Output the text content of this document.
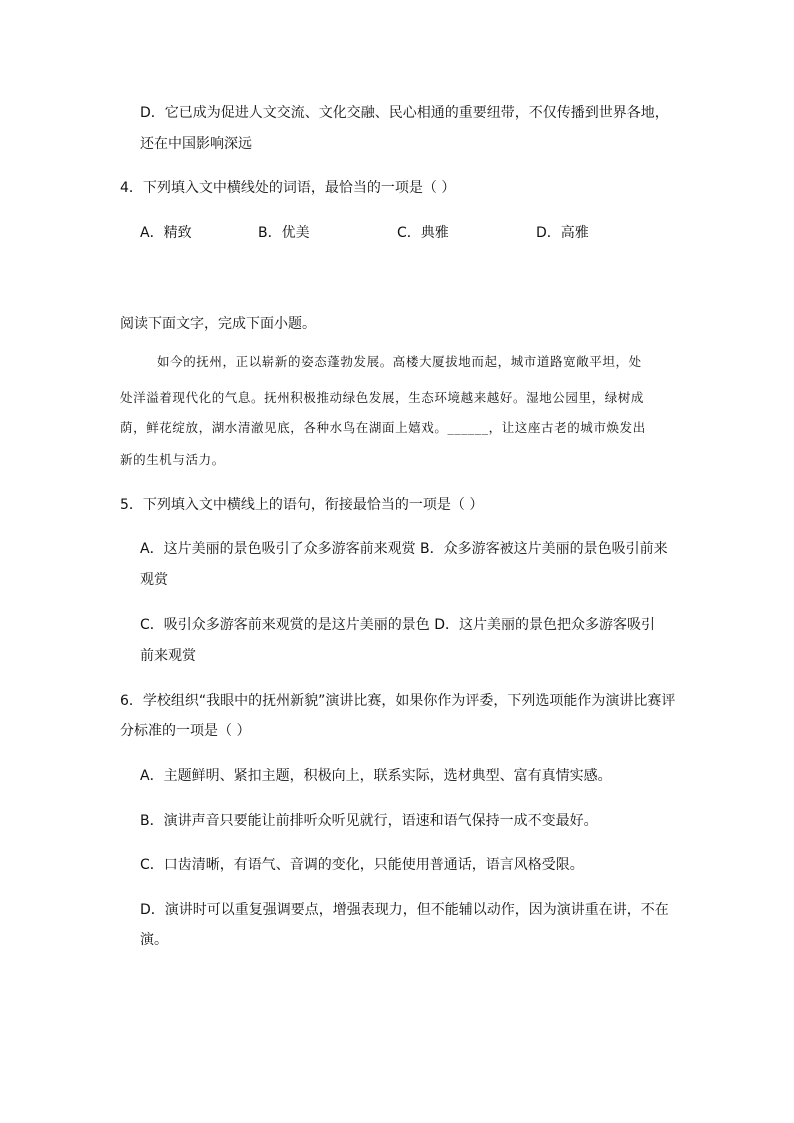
D．它已成为促进人文交流、文化交融、民心相通的重要纽带，不仅传播到世界各地，
还在中国影响深远
4．下列填入文中横线处的词语，最恰当的一项是（ ）
A．精致	B．优美	C．典雅	D．高雅
阅读下面文字，完成下面小题。
如今的抚州，正以崭新的姿态蓬勃发展。高楼大厦拔地而起，城市道路宽敞平坦，处
处洋溢着现代化的气息。抚州积极推动绿色发展，生态环境越来越好。湿地公园里，绿树成
荫，鲜花绽放，湖水清澈见底，各种水鸟在湖面上嬉戏。______，让这座古老的城市焕发出
新的生机与活力。
5．下列填入文中横线上的语句，衔接最恰当的一项是（ ）
A．这片美丽的景色吸引了众多游客前来观赏 B．众多游客被这片美丽的景色吸引前来
观赏
C．吸引众多游客前来观赏的是这片美丽的景色 D．这片美丽的景色把众多游客吸引
前来观赏
6．学校组织“我眼中的抚州新貌”演讲比赛，如果你作为评委，下列选项能作为演讲比赛评
分标准的一项是（ ）
A．主题鲜明、紧扣主题，积极向上，联系实际，选材典型、富有真情实感。
B．演讲声音只要能让前排听众听见就行，语速和语气保持一成不变最好。
C．口齿清晰，有语气、音调的变化，只能使用普通话，语言风格受限。
D．演讲时可以重复强调要点，增强表现力，但不能辅以动作，因为演讲重在讲，不在
演。
